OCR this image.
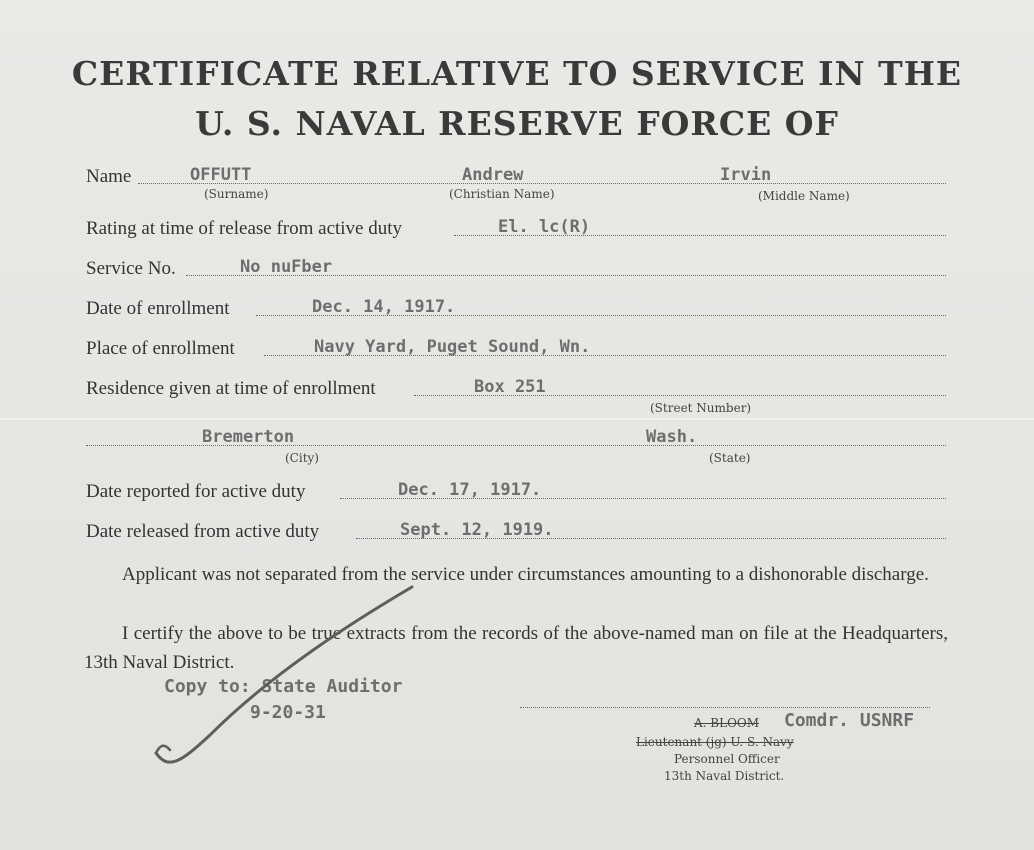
CERTIFICATE RELATIVE TO SERVICE IN THE
U. S. NAVAL RESERVE FORCE OF
Name	OFFUTT	Andrew	Irvin
(Surname)	(Christian Name)	(Middle Name)
Rating at time of release from active duty	El. lc(R)
Service No.	No nuFber
Date of enrollment	Dec. 14, 1917.
Place of enrollment	Navy Yard, Puget Sound, Wn.
Residence given at time of enrollment	Box 251
(Street Number)
Bremerton	Wash.
(City)	(State)
Date reported for active duty	Dec. 17, 1917.
Date released from active duty	Sept. 12, 1919.
Applicant was not separated from the service under circumstances amounting to a dishonorable discharge.
I certify the above to be true extracts from the records of the above-named man on file at the Headquarters, 13th Naval District.
Copy to: State Auditor
9-20-31	A. BLOOM Comdr. USNRF
Lieutenant (jg) U. S. Navy
Personnel Officer
13th Naval District.
